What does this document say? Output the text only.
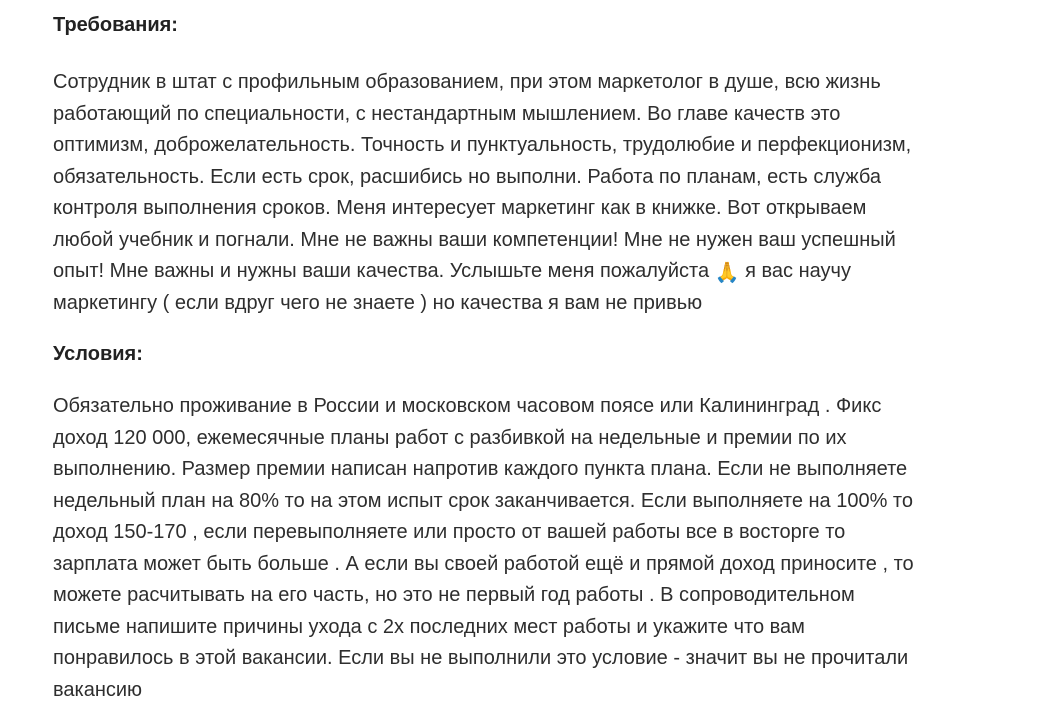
Требования:

Сотрудник в штат с профильным образованием, при этом маркетолог в душе, всю жизнь
работающий по специальности, с нестандартным мышлением. Во главе качеств это
оптимизм, доброжелательность. Точность и пунктуальность, трудолюбие и перфекционизм,
обязательность. Если есть срок, расшибись но выполни. Работа по планам, есть служба
контроля выполнения сроков. Меня интересует маркетинг как в книжке. Вот открываем
любой учебник и погнали. Мне не важны ваши компетенции! Мне не нужен ваш успешный
опыт! Мне важны и нужны ваши качества. Услышьте меня пожалуйста 🙏 я вас научу
маркетингу ( если вдруг чего не знаете ) но качества я вам не привью

Условия:

Обязательно проживание в России и московском часовом поясе или Калининград . Фикс
доход 120 000, ежемесячные планы работ с разбивкой на недельные и премии по их
выполнению. Размер премии написан напротив каждого пункта плана. Если не выполняете
недельный план на 80% то на этом испыт срок заканчивается. Если выполняете на 100% то
доход 150-170 , если перевыполняете или просто от вашей работы все в восторге то
зарплата может быть больше . А если вы своей работой ещё и прямой доход приносите , то
можете расчитывать на его часть, но это не первый год работы . В сопроводительном
письме напишите причины ухода с 2х последних мест работы и укажите что вам
понравилось в этой вакансии. Если вы не выполнили это условие - значит вы не прочитали
вакансию
